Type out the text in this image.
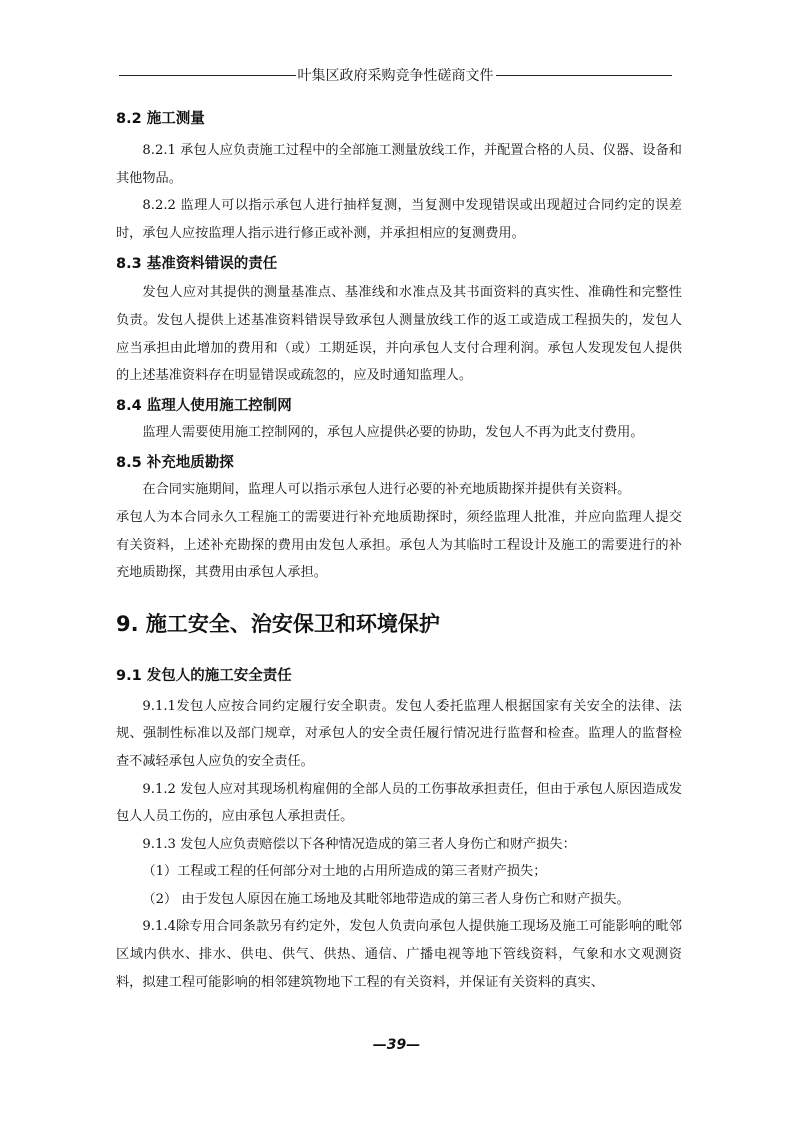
叶集区政府采购竞争性磋商文件
8.2 施工测量

8.2.1 承包人应负责施工过程中的全部施工测量放线工作，并配置合格的人员、仪器、设备和其他物品。

8.2.2 监理人可以指示承包人进行抽样复测，当复测中发现错误或出现超过合同约定的误差时，承包人应按监理人指示进行修正或补测，并承担相应的复测费用。

8.3 基准资料错误的责任

发包人应对其提供的测量基准点、基准线和水准点及其书面资料的真实性、准确性和完整性负责。发包人提供上述基准资料错误导致承包人测量放线工作的返工或造成工程损失的，发包人应当承担由此增加的费用和（或）工期延误，并向承包人支付合理利润。承包人发现发包人提供的上述基准资料存在明显错误或疏忽的，应及时通知监理人。

8.4 监理人使用施工控制网

监理人需要使用施工控制网的，承包人应提供必要的协助，发包人不再为此支付费用。

8.5 补充地质勘探

在合同实施期间，监理人可以指示承包人进行必要的补充地质勘探并提供有关资料。

承包人为本合同永久工程施工的需要进行补充地质勘探时，须经监理人批准，并应向监理人提交有关资料，上述补充勘探的费用由发包人承担。承包人为其临时工程设计及施工的需要进行的补充地质勘探，其费用由承包人承担。

9. 施工安全、治安保卫和环境保护
9.1 发包人的施工安全责任

9.1.1发包人应按合同约定履行安全职责。发包人委托监理人根据国家有关安全的法律、法规、强制性标准以及部门规章，对承包人的安全责任履行情况进行监督和检查。监理人的监督检查不减轻承包人应负的安全责任。

9.1.2 发包人应对其现场机构雇佣的全部人员的工伤事故承担责任，但由于承包人原因造成发包人人员工伤的，应由承包人承担责任。

9.1.3 发包人应负责赔偿以下各种情况造成的第三者人身伤亡和财产损失：

（1）工程或工程的任何部分对土地的占用所造成的第三者财产损失；

（2） 由于发包人原因在施工场地及其毗邻地带造成的第三者人身伤亡和财产损失。

9.1.4除专用合同条款另有约定外，发包人负责向承包人提供施工现场及施工可能影响的毗邻区域内供水、排水、供电、供气、供热、通信、广播电视等地下管线资料，气象和水文观测资料，拟建工程可能影响的相邻建筑物地下工程的有关资料，并保证有关资料的真实、

—39—
